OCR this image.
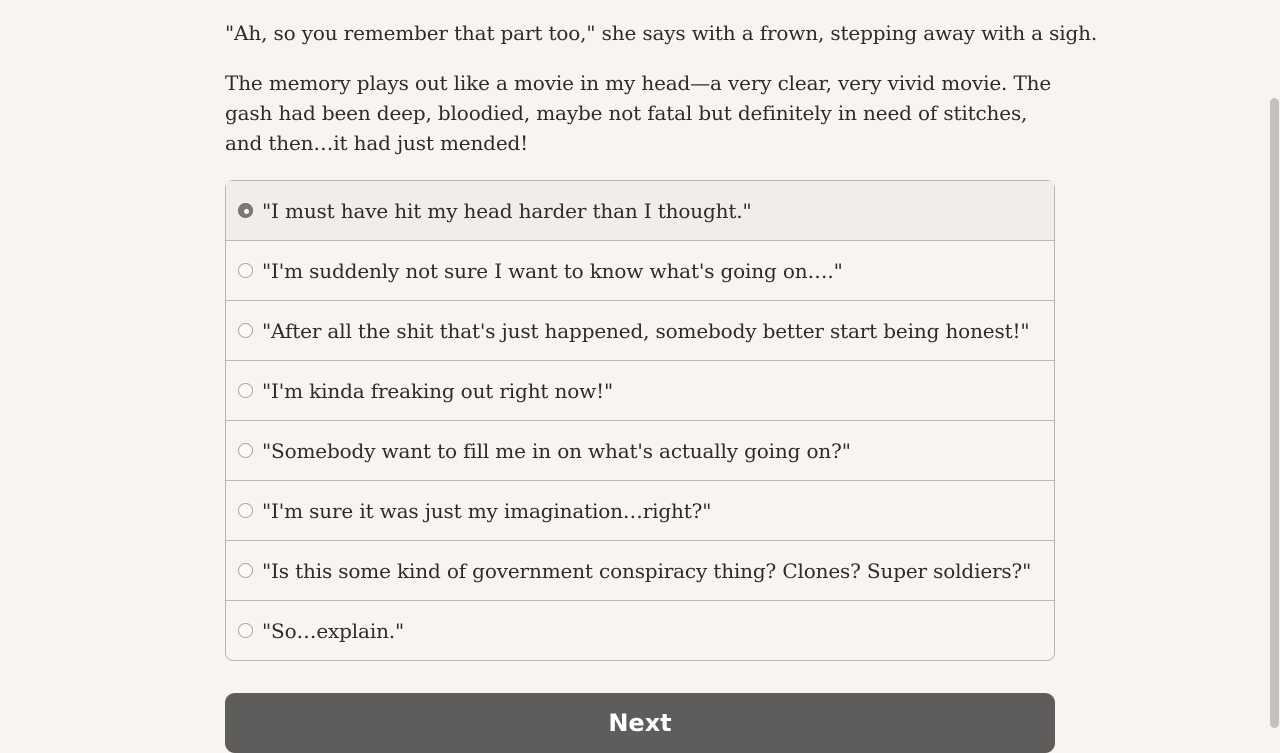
"Ah, so you remember that part too," she says with a frown, stepping away with a sigh.

The memory plays out like a movie in my head—a very clear, very vivid movie. The gash had been deep, bloodied, maybe not fatal but definitely in need of stitches, and then…it had just mended!

"I must have hit my head harder than I thought."
"I'm suddenly not sure I want to know what's going on…."
"After all the shit that's just happened, somebody better start being honest!"
"I'm kinda freaking out right now!"
"Somebody want to fill me in on what's actually going on?"
"I'm sure it was just my imagination…right?"
"Is this some kind of government conspiracy thing? Clones? Super soldiers?"
"So…explain."
Next
